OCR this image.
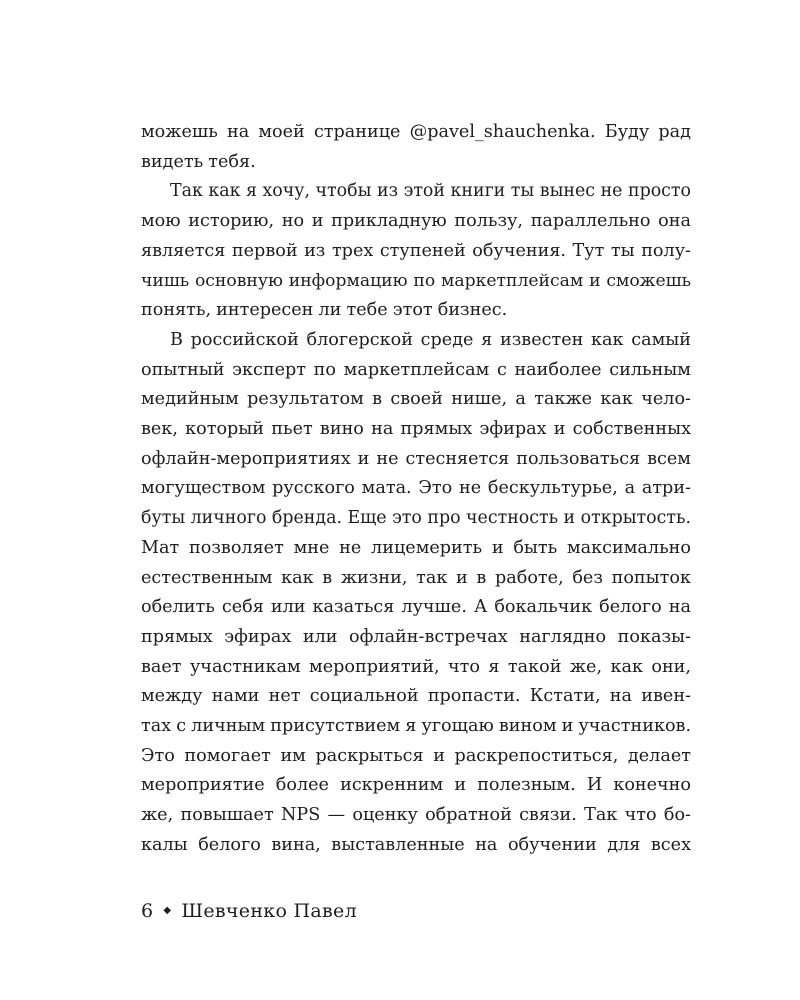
можешь на моей странице @pavel_shauchenka. Буду рад
видеть тебя.

Так как я хочу, чтобы из этой книги ты вынес не просто
мою историю, но и прикладную пользу, параллельно она
является первой из трех ступеней обучения. Тут ты полу-
чишь основную информацию по маркетплейсам и сможешь
понять, интересен ли тебе этот бизнес.

В российской блогерской среде я известен как самый
опытный эксперт по маркетплейсам с наиболее сильным
медийным результатом в своей нише, а также как чело-
век, который пьет вино на прямых эфирах и собственных
офлайн-мероприятиях и не стесняется пользоваться всем
могуществом русского мата. Это не бескультурье, а атри-
буты личного бренда. Еще это про честность и открытость.
Мат позволяет мне не лицемерить и быть максимально
естественным как в жизни, так и в работе, без попыток
обелить себя или казаться лучше. А бокальчик белого на
прямых эфирах или офлайн-встречах наглядно показы-
вает участникам мероприятий, что я такой же, как они,
между нами нет социальной пропасти. Кстати, на ивен-
тах с личным присутствием я угощаю вином и участников.
Это помогает им раскрыться и раскрепоститься, делает
мероприятие более искренним и полезным. И конечно
же, повышает NPS — оценку обратной связи. Так что бо-
калы белого вина, выставленные на обучении для всех

6 ◆ Шевченко Павел
